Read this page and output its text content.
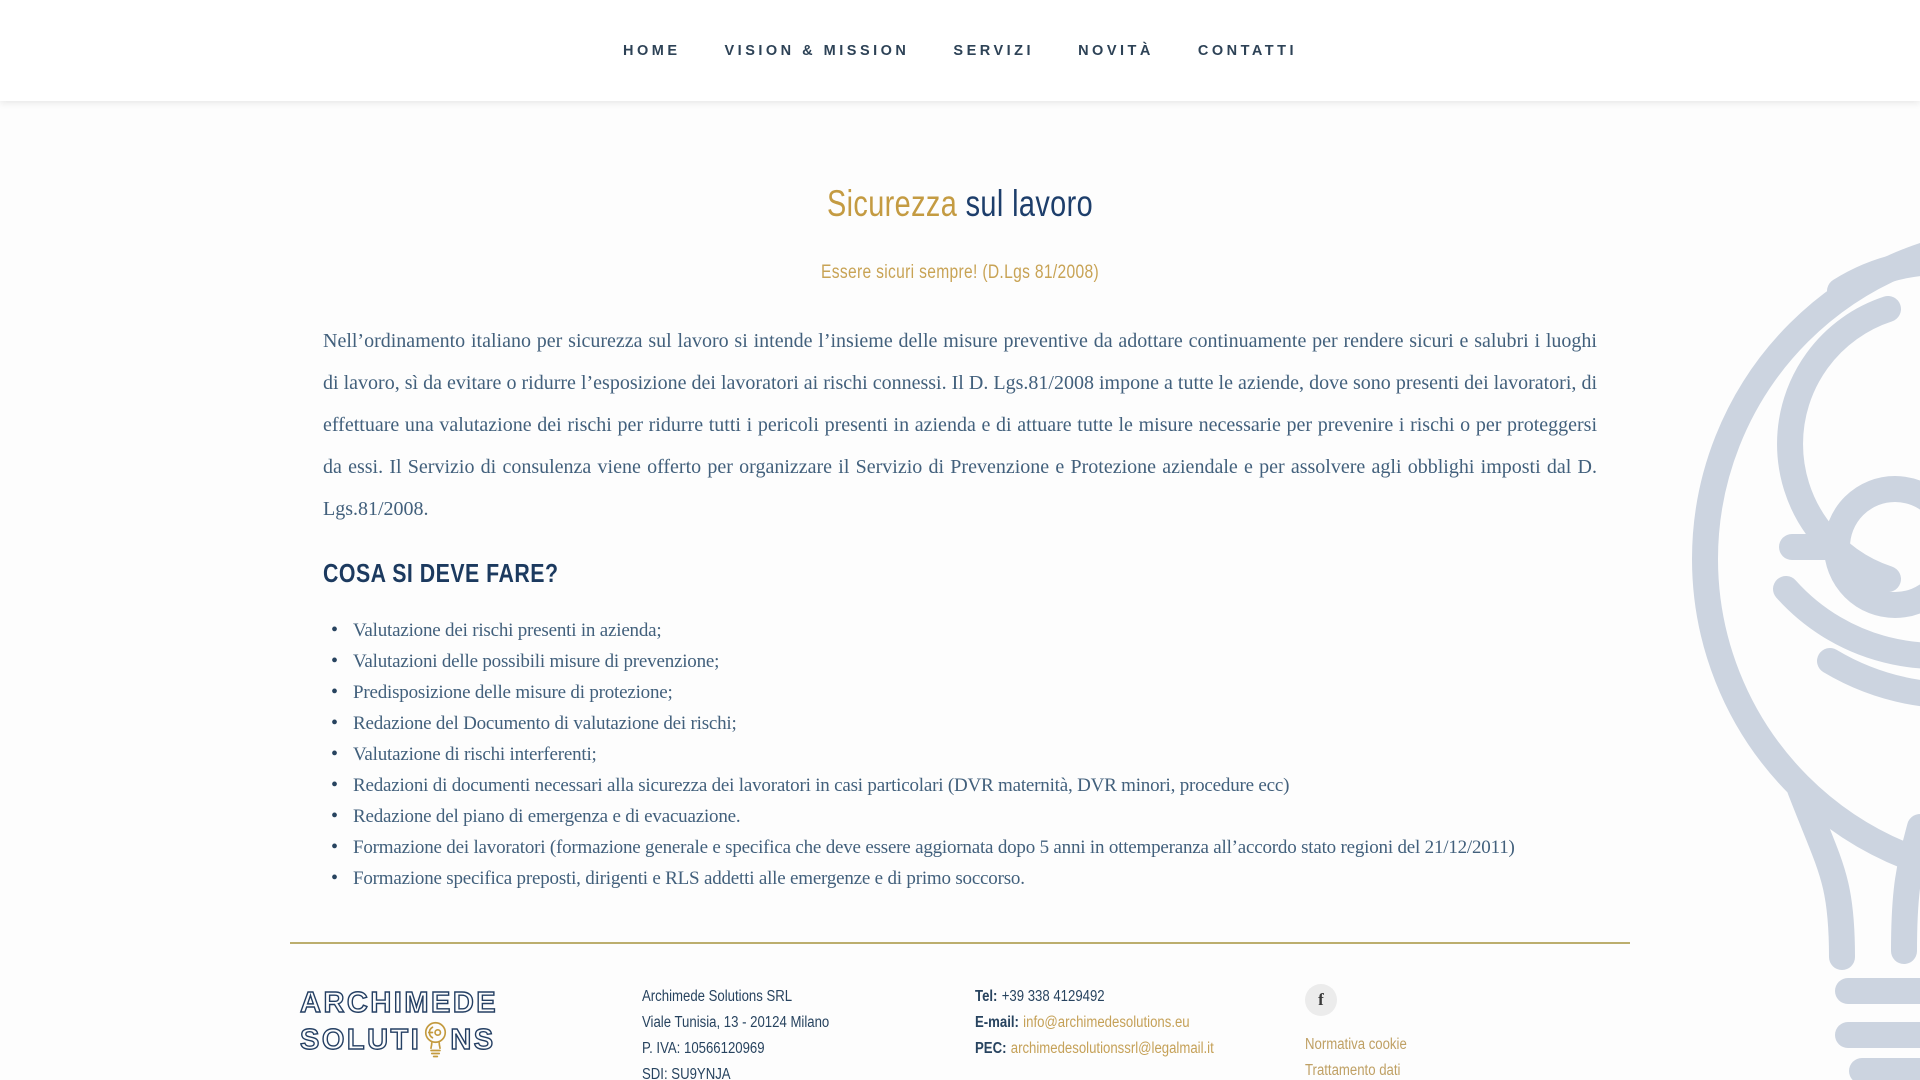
HOME	VISION & MISSION	SERVIZI	NOVITÀ	CONTATTI
Sicurezza sul lavoro

Essere sicuri sempre! (D.Lgs 81/2008)

Nell’ordinamento italiano per sicurezza sul lavoro si intende l’insieme delle misure preventive da adottare continuamente per rendere sicuri e salubri i luoghi di lavoro, sì da evitare o ridurre l’esposizione dei lavoratori ai rischi connessi. Il D. Lgs.81/2008 impone a tutte le aziende, dove sono presenti dei lavoratori, di effettuare una valutazione dei rischi per ridurre tutti i pericoli presenti in azienda e di attuare tutte le misure necessarie per prevenire i rischi o per proteggersi da essi. Il Servizio di consulenza viene offerto per organizzare il Servizio di Prevenzione e Protezione aziendale e per assolvere agli obblighi imposti dal D. Lgs.81/2008.

COSA SI DEVE FARE?
• Valutazione dei rischi presenti in azienda;
• Valutazioni delle possibili misure di prevenzione;
• Predisposizione delle misure di protezione;
• Redazione del Documento di valutazione dei rischi;
• Valutazione di rischi interferenti;
• Redazioni di documenti necessari alla sicurezza dei lavoratori in casi particolari (DVR maternità, DVR minori, procedure ecc)
• Redazione del piano di emergenza e di evacuazione.
• Formazione dei lavoratori (formazione generale e specifica che deve essere aggiornata dopo 5 anni in ottemperanza all’accordo stato regioni del 21/12/2011)
• Formazione specifica preposti, dirigenti e RLS addetti alle emergenze e di primo soccorso.
ARCHIMEDE
SOLUTI NS
Archimede Solutions SRL
Viale Tunisia, 13 - 20124 Milano
P. IVA: 10566120969
SDI: SU9YNJA
Tel: +39 338 4129492
E-mail: info@archimedesolutions.eu
PEC: archimedesolutionssrl@legalmail.it
f
Normativa cookie
Trattamento dati
